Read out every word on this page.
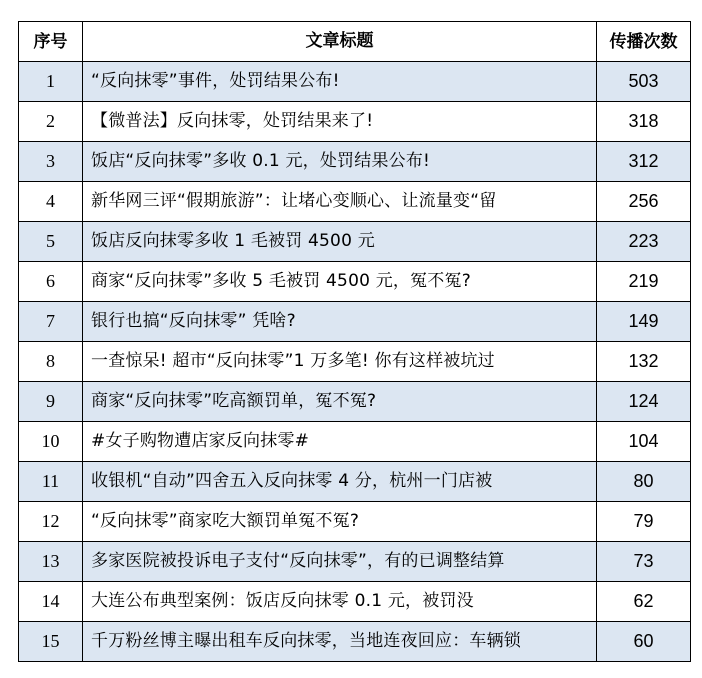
序号	文章标题	传播次数
1	“反向抹零”事件，处罚结果公布!	503
2	【微普法】反向抹零，处罚结果来了!	318
3	饭店“反向抹零”多收 0.1 元，处罚结果公布!	312
4	新华网三评“假期旅游”：让堵心变顺心、让流量变“留	256
5	饭店反向抹零多收 1 毛被罚 4500 元	223
6	商家“反向抹零”多收 5 毛被罚 4500 元，冤不冤?	219
7	银行也搞“反向抹零” 凭啥?	149
8	一查惊呆! 超市“反向抹零”1 万多笔! 你有这样被坑过	132
9	商家“反向抹零”吃高额罚单，冤不冤?	124
10	#女子购物遭店家反向抹零#	104
11	收银机“自动”四舍五入反向抹零 4 分，杭州一门店被	80
12	“反向抹零”商家吃大额罚单冤不冤?	79
13	多家医院被投诉电子支付“反向抹零”，有的已调整结算	73
14	大连公布典型案例：饭店反向抹零 0.1 元，被罚没	62
15	千万粉丝博主曝出租车反向抹零，当地连夜回应：车辆锁	60
